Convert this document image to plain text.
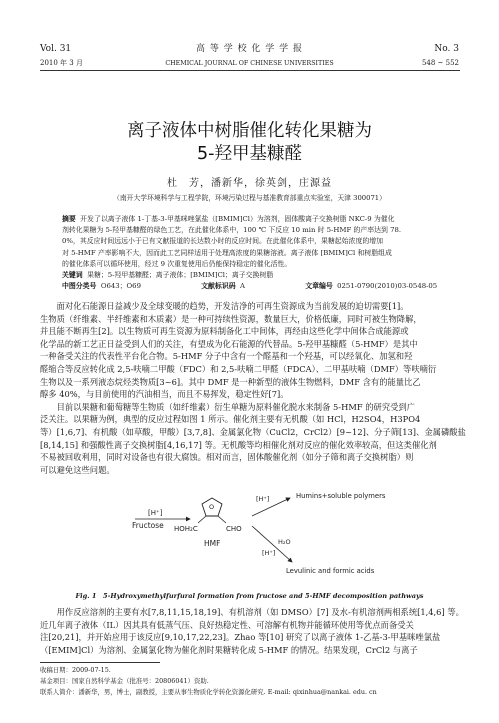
Vol. 31
2010 年 3 月
高 等 学 校 化 学 学 报
CHEMICAL JOURNAL OF CHINESE UNIVERSITIES
No. 3
548 ~ 552
离子液体中树脂催化转化果糖为
5-羟甲基糠醛
杜　芳，潘新华，徐英剑，庄源益
（南开大学环境科学与工程学院，环境污染过程与基准教育部重点实验室，天津 300071）
摘要 开发了以离子液体 1-丁基-3-甲基咪唑氯盐（[BMIM]Cl）为溶剂，固体酸离子交换树脂 NKC-9 为催化
剂转化果糖为 5-羟甲基糠醛的绿色工艺，在此催化体系中，100 ℃ 下反应 10 min 时 5-HMF 的产率达到 78.
0%，其反应时间远远小于已有文献报道的长达数小时的反应时间。在此催化体系中，果糖起始浓度的增加
对 5-HMF 产率影响不大，因而此工艺同样适用于处理高浓度的果糖溶液。离子液体 [BMIM]Cl 和树脂组成
的催化体系可以循环使用，经过 9 次重复使用后仍能保持稳定的催化活性。
关键词 果糖；5-羟甲基糠醛；离子液体；[BMIM]Cl；离子交换树脂
中图分类号 O643；O69	文献标识码 A	文章编号 0251-0790(2010)03-0548-05
面对化石能源日益减少及全球变暖的趋势，开发洁净的可再生资源成为当前发展的迫切需要[1]。
生物质（纤维素、半纤维素和木质素）是一种可持续性资源，数量巨大，价格低廉，同时可被生物降解，
并且能不断再生[2]。以生物质可再生资源为原料制备化工中间体，再经由这些化学中间体合成能源或
化学品的新工艺正日益受到人们的关注，有望成为化石能源的代替品。5-羟甲基糠醛（5-HMF）是其中
一种备受关注的代表性平台化合物。5-HMF 分子中含有一个醛基和一个羟基，可以经氧化、加氢和羟
醛缩合等反应转化成 2,5-呋喃二甲酸（FDC）和 2,5-呋喃二甲醛（FDCA）、二甲基呋喃（DMF）等呋喃衍
生物以及一系列液态烷烃类物质[3~6]。其中 DMF 是一种新型的液体生物燃料，DMF 含有的能量比乙
醇多 40%，与目前使用的汽油相当，而且不易挥发，稳定性好[7]。
目前以果糖和葡萄糖等生物质（如纤维素）衍生单糖为原料催化脱水来制备 5-HMF 的研究受到广
泛关注。以果糖为例，典型的反应过程如图 1 所示。催化剂主要有无机酸（如 HCl，H2SO4，H3PO4
等）[1,6,7]、有机酸（如草酸，甲酸）[3,7,8]、金属氯化物（CuCl2，CrCl2）[9~12]、分子筛[13]、金属磷酸盐
[8,14,15] 和强酸性离子交换树脂[4,16,17] 等。无机酸等均相催化剂对反应的催化效率较高，但这类催化剂
不易被回收利用，同时对设备也有很大腐蚀。相对而言，固体酸催化剂（如分子筛和离子交换树脂）则
可以避免这些问题。
Fructose
[H⁺]
O
HOH₂C	CHO
HMF
[H⁺]	Humins+soluble polymers
H₂O
[H⁺]
Levulinic and formic acids
Fig. 1　5-Hydroxymethylfurfural formation from fructose and 5-HMF decomposition pathways
用作反应溶剂的主要有水[7,8,11,15,18,19]、有机溶剂（如 DMSO）[7] 及水-有机溶剂两相系统[1,4,6] 等。
近几年离子液体（IL）因其具有低蒸气压、良好热稳定性、可溶解有机物并能循环使用等优点而备受关
注[20,21]，并开始应用于该反应[9,10,17,22,23]。Zhao 等[10] 研究了以离子液体 1-乙基-3-甲基咪唑氯盐
（[EMIM]Cl）为溶剂、金属氯化物为催化剂时果糖转化成 5-HMF 的情况。结果发现，CrCl2 与离子
收稿日期：2009-07-15.
基金项目：国家自然科学基金（批准号：20806041）资助.
联系人简介：潘新华，男，博士，副教授，主要从事生物质化学转化资源化研究. E-mail: qixinhua@nankai. edu. cn
